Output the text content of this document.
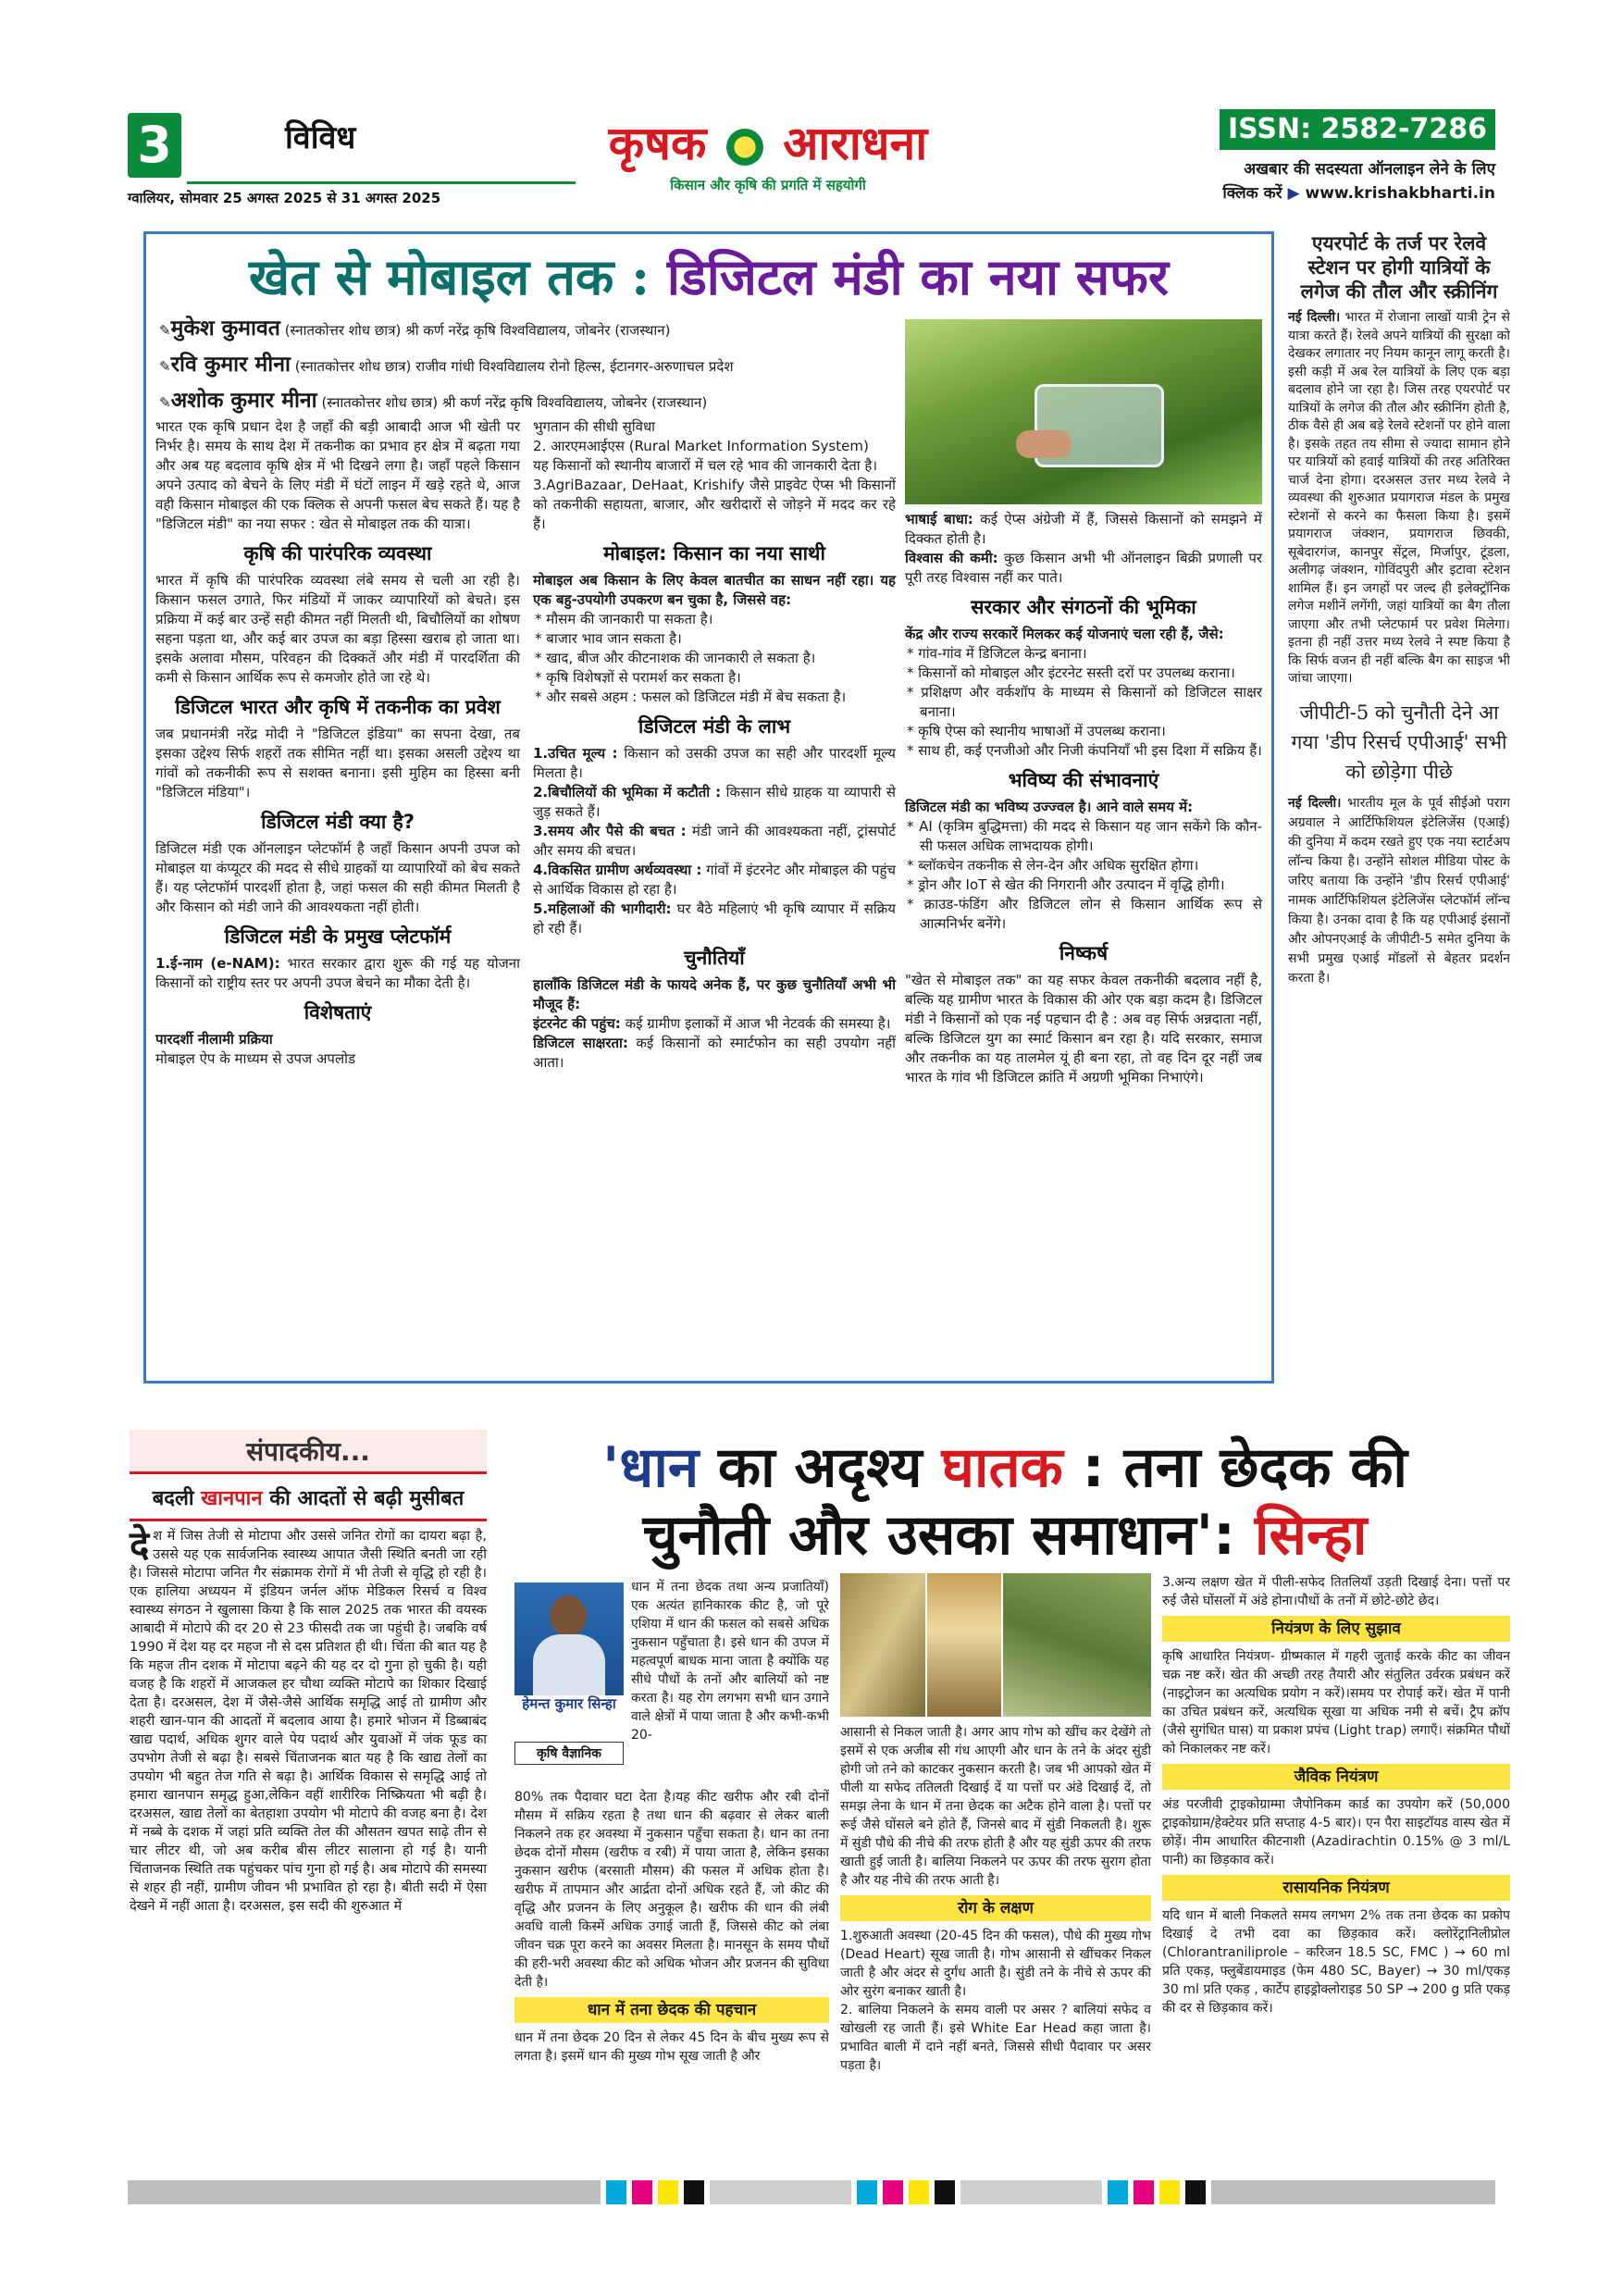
3	विविध
ग्वालियर, सोमवार 25 अगस्त 2025 से 31 अगस्त 2025
कृषक आराधना
किसान और कृषि की प्रगति में सहयोगी
ISSN: 2582-7286
अखबार की सदस्यता ऑनलाइन लेने के लिए
क्लिक करें ▶ www.krishakbharti.in
खेत से मोबाइल तक : डिजिटल मंडी का नया सफर
✎मुकेश कुमावत (स्नातकोत्तर शोध छात्र) श्री कर्ण नरेंद्र कृषि विश्वविद्यालय, जोबनेर (राजस्थान)
✎रवि कुमार मीना (स्नातकोत्तर शोध छात्र) राजीव गांधी विश्वविद्यालय रोनो हिल्स, ईटानगर-अरुणाचल प्रदेश
✎अशोक कुमार मीना (स्नातकोत्तर शोध छात्र) श्री कर्ण नरेंद्र कृषि विश्वविद्यालय, जोबनेर (राजस्थान)

भारत एक कृषि प्रधान देश है जहाँ की बड़ी आबादी आज भी खेती पर निर्भर है। समय के साथ देश में तकनीक का प्रभाव हर क्षेत्र में बढ़ता गया और अब यह बदलाव कृषि क्षेत्र में भी दिखने लगा है। जहाँ पहले किसान अपने उत्पाद को बेचने के लिए मंडी में घंटों लाइन में खड़े रहते थे, आज वही किसान मोबाइल की एक क्लिक से अपनी फसल बेच सकते हैं। यह है "डिजिटल मंडी" का नया सफर : खेत से मोबाइल तक की यात्रा।

कृषि की पारंपरिक व्यवस्था

भारत में कृषि की पारंपरिक व्यवस्था लंबे समय से चली आ रही है। किसान फसल उगाते, फिर मंडियों में जाकर व्यापारियों को बेचते। इस प्रक्रिया में कई बार उन्हें सही कीमत नहीं मिलती थी, बिचौलियों का शोषण सहना पड़ता था, और कई बार उपज का बड़ा हिस्सा खराब हो जाता था। इसके अलावा मौसम, परिवहन की दिक्कतें और मंडी में पारदर्शिता की कमी से किसान आर्थिक रूप से कमजोर होते जा रहे थे।

डिजिटल भारत और कृषि में तकनीक का प्रवेश

जब प्रधानमंत्री नरेंद्र मोदी ने "डिजिटल इंडिया" का सपना देखा, तब इसका उद्देश्य सिर्फ शहरों तक सीमित नहीं था। इसका असली उद्देश्य था गांवों को तकनीकी रूप से सशक्त बनाना। इसी मुहिम का हिस्सा बनी "डिजिटल मंडिया"।

डिजिटल मंडी क्या है?

डिजिटल मंडी एक ऑनलाइन प्लेटफॉर्म है जहाँ किसान अपनी उपज को मोबाइल या कंप्यूटर की मदद से सीधे ग्राहकों या व्यापारियों को बेच सकते हैं। यह प्लेटफॉर्म पारदर्शी होता है, जहां फसल की सही कीमत मिलती है और किसान को मंडी जाने की आवश्यकता नहीं होती।

डिजिटल मंडी के प्रमुख प्लेटफॉर्म

1.ई-नाम (e-NAM): भारत सरकार द्वारा शुरू की गई यह योजना किसानों को राष्ट्रीय स्तर पर अपनी उपज बेचने का मौका देती है।

विशेषताएं

पारदर्शी नीलामी प्रक्रिया

मोबाइल ऐप के माध्यम से उपज अपलोड

भुगतान की सीधी सुविधा

2. आरएमआईएस (Rural Market Information System)

यह किसानों को स्थानीय बाजारों में चल रहे भाव की जानकारी देता है।

3.AgriBazaar, DeHaat, Krishify जैसे प्राइवेट ऐप्स भी किसानों को तकनीकी सहायता, बाजार, और खरीदारों से जोड़ने में मदद कर रहे हैं।

मोबाइल: किसान का नया साथी

मोबाइल अब किसान के लिए केवल बातचीत का साधन नहीं रहा। यह एक बहु-उपयोगी उपकरण बन चुका है, जिससे वह:

* मौसम की जानकारी पा सकता है।
* बाजार भाव जान सकता है।
* खाद, बीज और कीटनाशक की जानकारी ले सकता है।
* कृषि विशेषज्ञों से परामर्श कर सकता है।
* और सबसे अहम : फसल को डिजिटल मंडी में बेच सकता है।
डिजिटल मंडी के लाभ

1.उचित मूल्य : किसान को उसकी उपज का सही और पारदर्शी मूल्य मिलता है।

2.बिचौलियों की भूमिका में कटौती : किसान सीधे ग्राहक या व्यापारी से जुड़ सकते हैं।

3.समय और पैसे की बचत : मंडी जाने की आवश्यकता नहीं, ट्रांसपोर्ट और समय की बचत।

4.विकसित ग्रामीण अर्थव्यवस्था : गांवों में इंटरनेट और मोबाइल की पहुंच से आर्थिक विकास हो रहा है।

5.महिलाओं की भागीदारी: घर बैठे महिलाएं भी कृषि व्यापार में सक्रिय हो रही हैं।

चुनौतियाँ

हालाँकि डिजिटल मंडी के फायदे अनेक हैं, पर कुछ चुनौतियाँ अभी भी मौजूद हैं:

इंटरनेट की पहुंच: कई ग्रामीण इलाकों में आज भी नेटवर्क की समस्या है।

डिजिटल साक्षरता: कई किसानों को स्मार्टफोन का सही उपयोग नहीं आता।

भाषाई बाधा: कई ऐप्स अंग्रेजी में हैं, जिससे किसानों को समझने में दिक्कत होती है।

विश्वास की कमी: कुछ किसान अभी भी ऑनलाइन बिक्री प्रणाली पर पूरी तरह विश्वास नहीं कर पाते।

सरकार और संगठनों की भूमिका

केंद्र और राज्य सरकारें मिलकर कई योजनाएं चला रही हैं, जैसे:

* गांव-गांव में डिजिटल केन्द्र बनाना।
* किसानों को मोबाइल और इंटरनेट सस्ती दरों पर उपलब्ध कराना।
* प्रशिक्षण और वर्कशॉप के माध्यम से किसानों को डिजिटल साक्षर बनाना।
* कृषि ऐप्स को स्थानीय भाषाओं में उपलब्ध कराना।
* साथ ही, कई एनजीओ और निजी कंपनियाँ भी इस दिशा में सक्रिय हैं।
भविष्य की संभावनाएं

डिजिटल मंडी का भविष्य उज्ज्वल है। आने वाले समय में:

* AI (कृत्रिम बुद्धिमत्ता) की मदद से किसान यह जान सकेंगे कि कौन-सी फसल अधिक लाभदायक होगी।
* ब्लॉकचेन तकनीक से लेन-देन और अधिक सुरक्षित होगा।
* ड्रोन और IoT से खेत की निगरानी और उत्पादन में वृद्धि होगी।
* क्राउड-फंडिंग और डिजिटल लोन से किसान आर्थिक रूप से आत्मनिर्भर बनेंगे।
निष्कर्ष

"खेत से मोबाइल तक" का यह सफर केवल तकनीकी बदलाव नहीं है, बल्कि यह ग्रामीण भारत के विकास की ओर एक बड़ा कदम है। डिजिटल मंडी ने किसानों को एक नई पहचान दी है : अब वह सिर्फ अन्नदाता नहीं, बल्कि डिजिटल युग का स्मार्ट किसान बन रहा है। यदि सरकार, समाज और तकनीक का यह तालमेल यूं ही बना रहा, तो वह दिन दूर नहीं जब भारत के गांव भी डिजिटल क्रांति में अग्रणी भूमिका निभाएंगे।

एयरपोर्ट के तर्ज पर रेलवे स्टेशन पर होगी यात्रियों के लगेज की तौल और स्क्रीनिंग

नई दिल्ली। भारत में रोजाना लाखों यात्री ट्रेन से यात्रा करते हैं। रेलवे अपने यात्रियों की सुरक्षा को देखकर लगातार नए नियम कानून लागू करती है। इसी कड़ी में अब रेल यात्रियों के लिए एक बड़ा बदलाव होने जा रहा है। जिस तरह एयरपोर्ट पर यात्रियों के लगेज की तौल और स्क्रीनिंग होती है, ठीक वैसे ही अब बड़े रेलवे स्टेशनों पर होने वाला है। इसके तहत तय सीमा से ज्यादा सामान होने पर यात्रियों को हवाई यात्रियों की तरह अतिरिक्त चार्ज देना होगा। दरअसल उत्तर मध्य रेलवे ने व्यवस्था की शुरुआत प्रयागराज मंडल के प्रमुख स्टेशनों से करने का फैसला किया है। इसमें प्रयागराज जंक्शन, प्रयागराज छिवकी, सूबेदारगंज, कानपुर सेंट्रल, मिर्जापुर, टूंडला, अलीगढ़ जंक्शन, गोविंदपुरी और इटावा स्टेशन शामिल हैं। इन जगहों पर जल्द ही इलेक्ट्रॉनिक लगेज मशीनें लगेंगी, जहां यात्रियों का बैग तौला जाएगा और तभी प्लेटफार्म पर प्रवेश मिलेगा। इतना ही नहीं उत्तर मध्य रेलवे ने स्पष्ट किया है कि सिर्फ वजन ही नहीं बल्कि बैग का साइज भी जांचा जाएगा।

जीपीटी-5 को चुनौती देने आ गया 'डीप रिसर्च एपीआई' सभी को छोड़ेगा पीछे

नई दिल्ली। भारतीय मूल के पूर्व सीईओ पराग अग्रवाल ने आर्टिफिशियल इंटेलिजेंस (एआई) की दुनिया में कदम रखते हुए एक नया स्टार्टअप लॉन्च किया है। उन्होंने सोशल मीडिया पोस्ट के जरिए बताया कि उन्होंने 'डीप रिसर्च एपीआई' नामक आर्टिफिशियल इंटेलिजेंस प्लेटफॉर्म लॉन्च किया है। उनका दावा है कि यह एपीआई इंसानों और ओपनएआई के जीपीटी-5 समेत दुनिया के सभी प्रमुख एआई मॉडलों से बेहतर प्रदर्शन करता है।

संपादकीय...
बदली खानपान की आदतों से बढ़ी मुसीबत

देश में जिस तेजी से मोटापा और उससे जनित रोगों का दायरा बढ़ा है, उससे यह एक सार्वजनिक स्वास्थ्य आपात जैसी स्थिति बनती जा रही है। जिससे मोटापा जनित गैर संक्रामक रोगों में भी तेजी से वृद्धि हो रही है। एक हालिया अध्ययन में इंडियन जर्नल ऑफ मेडिकल रिसर्च व विश्व स्वास्थ्य संगठन ने खुलासा किया है कि साल 2025 तक भारत की वयस्क आबादी में मोटापे की दर 20 से 23 फीसदी तक जा पहुंची है। जबकि वर्ष 1990 में देश यह दर महज नौ से दस प्रतिशत ही थी। चिंता की बात यह है कि महज तीन दशक में मोटापा बढ़ने की यह दर दो गुना हो चुकी है। यही वजह है कि शहरों में आजकल हर चौथा व्यक्ति मोटापे का शिकार दिखाई देता है। दरअसल, देश में जैसे-जैसे आर्थिक समृद्धि आई तो ग्रामीण और शहरी खान-पान की आदतों में बदलाव आया है। हमारे भोजन में डिब्बाबंद खाद्य पदार्थ, अधिक शुगर वाले पेय पदार्थ और युवाओं में जंक फूड का उपभोग तेजी से बढ़ा है। सबसे चिंताजनक बात यह है कि खाद्य तेलों का उपयोग भी बहुत तेज गति से बढ़ा है। आर्थिक विकास से समृद्धि आई तो हमारा खानपान समृद्ध हुआ,लेकिन वहीं शारीरिक निष्क्रियता भी बढ़ी है। दरअसल, खाद्य तेलों का बेतहाशा उपयोग भी मोटापे की वजह बना है। देश में नब्बे के दशक में जहां प्रति व्यक्ति तेल की औसतन खपत साढ़े तीन से चार लीटर थी, जो अब करीब बीस लीटर सालाना हो गई है। यानी चिंताजनक स्थिति तक पहुंचकर पांच गुना हो गई है। अब मोटापे की समस्या से शहर ही नहीं, ग्रामीण जीवन भी प्रभावित हो रहा है। बीती सदी में ऐसा देखने में नहीं आता है। दरअसल, इस सदी की शुरुआत में

'धान का अदृश्य घातक : तना छेदक की
चुनौती और उसका समाधान': सिन्हा
हेमन्त कुमार सिन्हा
कृषि वैज्ञानिक

धान में तना छेदक तथा अन्य प्रजातियाँ) एक अत्यंत हानिकारक कीट है, जो पूरे एशिया में धान की फसल को सबसे अधिक नुकसान पहुँचाता है। इसे धान की उपज में महत्वपूर्ण बाधक माना जाता है क्योंकि यह सीधे पौधों के तनों और बालियों को नष्ट करता है। यह रोग लगभग सभी धान उगाने वाले क्षेत्रों में पाया जाता है और कभी-कभी 20-

80% तक पैदावार घटा देता है।यह कीट खरीफ और रबी दोनों मौसम में सक्रिय रहता है तथा धान की बढ़वार से लेकर बाली निकलने तक हर अवस्था में नुकसान पहुँचा सकता है। धान का तना छेदक दोनों मौसम (खरीफ व रबी) में पाया जाता है, लेकिन इसका नुकसान खरीफ (बरसाती मौसम) की फसल में अधिक होता है। खरीफ में तापमान और आर्द्रता दोनों अधिक रहते हैं, जो कीट की वृद्धि और प्रजनन के लिए अनुकूल है। खरीफ की धान की लंबी अवधि वाली किस्में अधिक उगाई जाती हैं, जिससे कीट को लंबा जीवन चक्र पूरा करने का अवसर मिलता है। मानसून के समय पौधों की हरी-भरी अवस्था कीट को अधिक भोजन और प्रजनन की सुविधा देती है।

धान में तना छेदक की पहचान

धान में तना छेदक 20 दिन से लेकर 45 दिन के बीच मुख्य रूप से लगता है। इसमें धान की मुख्य गोभ सूख जाती है और

आसानी से निकल जाती है। अगर आप गोभ को खींच कर देखेंगे तो इसमें से एक अजीब सी गंध आएगी और धान के तने के अंदर सुंडी होगी जो तने को काटकर नुकसान करती है। जब भी आपको खेत में पीली या सफेद ततिलती दिखाई दें या पत्तों पर अंडे दिखाई दें, तो समझ लेना के धान में तना छेदक का अटैक होने वाला है। पत्तों पर रूई जैसे घोंसले बने होते हैं, जिनसे बाद में सुंडी निकलती है। शुरू में सुंडी पौधे की नीचे की तरफ होती है और यह सुंडी ऊपर की तरफ खाती हुई जाती है। बालिया निकलने पर ऊपर की तरफ सुराग होता है और यह नीचे की तरफ आती है।

रोग के लक्षण

1.शुरुआती अवस्था (20-45 दिन की फसल), पौधे की मुख्य गोभ (Dead Heart) सूख जाती है। गोभ आसानी से खींचकर निकल जाती है और अंदर से दुर्गंध आती है। सुंडी तने के नीचे से ऊपर की ओर सुरंग बनाकर खाती है।

2. बालिया निकलने के समय वाली पर असर ? बालियां सफेद व खोखली रह जाती हैं। इसे White Ear Head कहा जाता है। प्रभावित बाली में दाने नहीं बनते, जिससे सीधी पैदावार पर असर पड़ता है।

3.अन्य लक्षण खेत में पीली-सफेद तितलियाँ उड़ती दिखाई देना। पत्तों पर रुई जैसे घोंसलों में अंडे होना।पौधों के तनों में छोटे-छोटे छेद।

नियंत्रण के लिए सुझाव

कृषि आधारित नियंत्रण- ग्रीष्मकाल में गहरी जुताई करके कीट का जीवन चक्र नष्ट करें। खेत की अच्छी तरह तैयारी और संतुलित उर्वरक प्रबंधन करें (नाइट्रोजन का अत्यधिक प्रयोग न करें)।समय पर रोपाई करें। खेत में पानी का उचित प्रबंधन करें, अत्यधिक सूखा या अधिक नमी से बचें। ट्रैप क्रॉप (जैसे सुगंधित घास) या प्रकाश प्रपंच (Light trap) लगाएँ। संक्रमित पौधों को निकालकर नष्ट करें।

जैविक नियंत्रण

अंड परजीवी ट्राइकोग्राम्मा जैपोनिकम कार्ड का उपयोग करें (50,000 ट्राइकोग्राम/हेक्टेयर प्रति सप्ताह 4-5 बार)। एन पैरा साइटॉयड वास्प खेत में छोड़ें। नीम आधारित कीटनाशी (Azadirachtin 0.15% @ 3 ml/L पानी) का छिड़काव करें।

रासायनिक नियंत्रण

यदि धान में बाली निकलते समय लगभग 2% तक तना छेदक का प्रकोप दिखाई दे तभी दवा का छिड़काव करें। क्लोरेंट्रानिलीप्रोल (Chlorantraniliprole – करिजन 18.5 SC, FMC ) → 60 ml प्रति एकड़, फ्लुबेंडायमाइड (फेम 480 SC, Bayer) → 30 ml/एकड़ 30 ml प्रति एकड़ , कार्टेप हाइड्रोक्लोराइड 50 SP → 200 g प्रति एकड़ की दर से छिड़काव करें।
